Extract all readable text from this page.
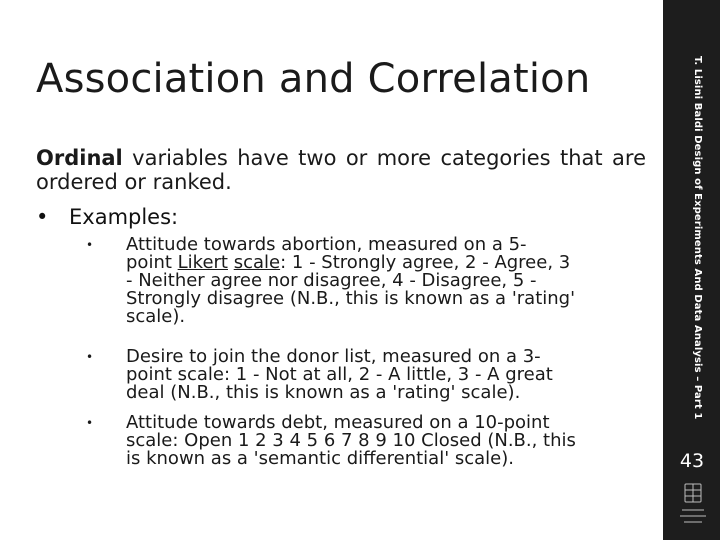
Association and Correlation

Ordinal variables have two or more categories that are ordered or ranked.

• Examples:
• Attitude towards abortion, measured on a 5-
point Likert scale: 1 - Strongly agree, 2 - Agree, 3
- Neither agree nor disagree, 4 - Disagree, 5 -
Strongly disagree (N.B., this is known as a 'rating'
scale).
• Desire to join the donor list, measured on a 3-
point scale: 1 - Not at all, 2 - A little, 3 - A great
deal (N.B., this is known as a 'rating' scale).
• Attitude towards debt, measured on a 10-point
scale: Open 1 2 3 4 5 6 7 8 9 10 Closed (N.B., this
is known as a 'semantic differential' scale).
T. Lisini Baldi Design of Experiments And Data Analysis – Part 1
43
